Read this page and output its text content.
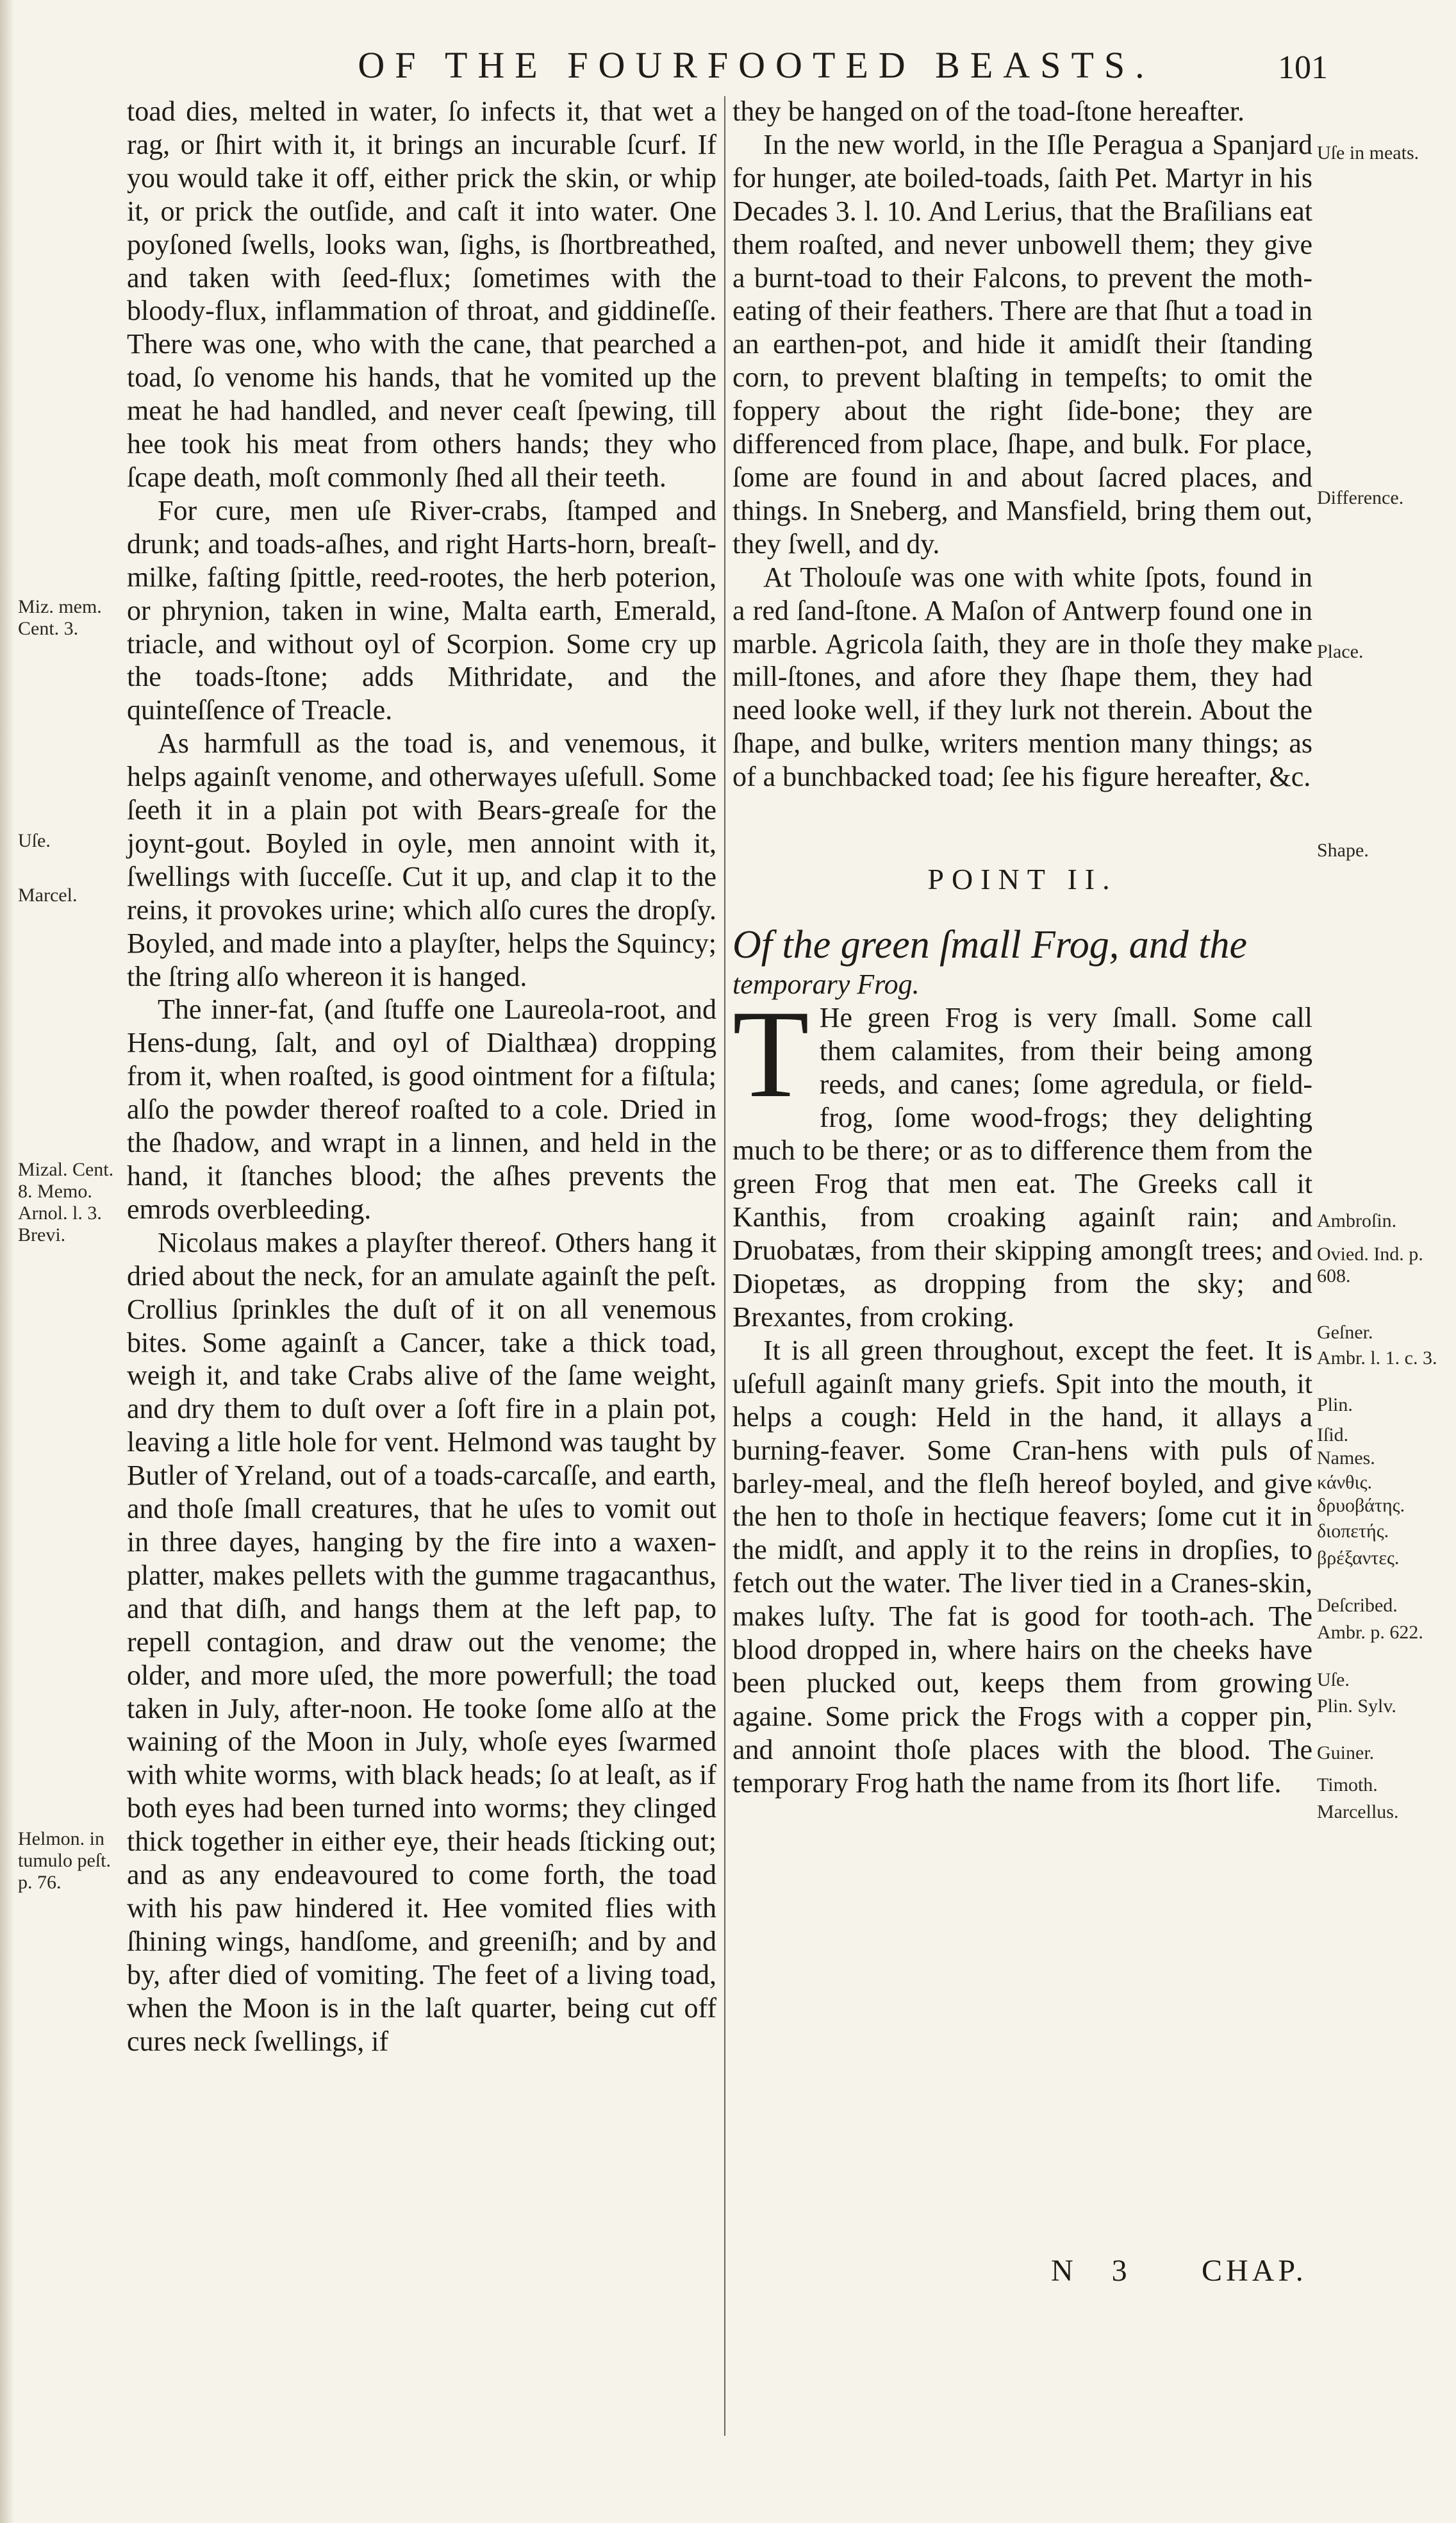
OF THE FOURFOOTED BEASTS.	101

toad dies, melted in water, ſo infects it, that wet a rag, or ſhirt with it, it brings an incurable ſcurf. If you would take it off, either prick the skin, or whip it, or prick the outſide, and caſt it into water. One poyſoned ſwells, looks wan, ſighs, is ſhortbreathed, and taken with ſeed-flux; ſometimes with the bloody-flux, inflammation of throat, and giddineſſe. There was one, who with the cane, that pearched a toad, ſo venome his hands, that he vomited up the meat he had handled, and never ceaſt ſpewing, till hee took his meat from others hands; they who ſcape death, moſt commonly ſhed all their teeth.

For cure, men uſe River-crabs, ſtamped and drunk; and toads-aſhes, and right Harts-horn, breaſt-milke, faſting ſpittle, reed-rootes, the herb poterion, or phrynion, taken in wine, Malta earth, Emerald, triacle, and without oyl of Scorpion. Some cry up the toads-ſtone; adds Mithridate, and the quinteſſence of Treacle.

As harmfull as the toad is, and venemous, it helps againſt venome, and otherwayes uſefull. Some ſeeth it in a plain pot with Bears-greaſe for the joynt-gout. Boyled in oyle, men annoint with it, ſwellings with ſucceſſe. Cut it up, and clap it to the reins, it provokes urine; which alſo cures the dropſy. Boyled, and made into a playſter, helps the Squincy; the ſtring alſo whereon it is hanged.

The inner-fat, (and ſtuffe one Laureola-root, and Hens-dung, ſalt, and oyl of Dialthæa) dropping from it, when roaſted, is good ointment for a fiſtula; alſo the powder thereof roaſted to a cole. Dried in the ſhadow, and wrapt in a linnen, and held in the hand, it ſtanches blood; the aſhes prevents the emrods overbleeding.

Nicolaus makes a playſter thereof. Others hang it dried about the neck, for an amulate againſt the peſt. Crollius ſprinkles the duſt of it on all venemous bites. Some againſt a Cancer, take a thick toad, weigh it, and take Crabs alive of the ſame weight, and dry them to duſt over a ſoft fire in a plain pot, leaving a litle hole for vent. Helmond was taught by Butler of Yreland, out of a toads-carcaſſe, and earth, and thoſe ſmall creatures, that he uſes to vomit out in three dayes, hanging by the fire into a waxen-platter, makes pellets with the gumme tragacanthus, and that diſh, and hangs them at the left pap, to repell contagion, and draw out the venome; the older, and more uſed, the more powerfull; the toad taken in July, after-noon. He tooke ſome alſo at the waining of the Moon in July, whoſe eyes ſwarmed with white worms, with black heads; ſo at leaſt, as if both eyes had been turned into worms; they clinged thick together in either eye, their heads ſticking out; and as any endeavoured to come forth, the toad with his paw hindered it. Hee vomited flies with ſhining wings, handſome, and greeniſh; and by and by, after died of vomiting. The feet of a living toad, when the Moon is in the laſt quarter, being cut off cures neck ſwellings, if

they be hanged on of the toad-ſtone hereafter.

In the new world, in the Iſle Peragua a Spanjard for hunger, ate boiled-toads, ſaith Pet. Martyr in his Decades 3. l. 10. And Lerius, that the Braſilians eat them roaſted, and never unbowell them; they give a burnt-toad to their Falcons, to prevent the moth-eating of their feathers. There are that ſhut a toad in an earthen-pot, and hide it amidſt their ſtanding corn, to prevent blaſting in tempeſts; to omit the foppery about the right ſide-bone; they are differenced from place, ſhape, and bulk. For place, ſome are found in and about ſacred places, and things. In Sneberg, and Mansfield, bring them out, they ſwell, and dy.

At Tholouſe was one with white ſpots, found in a red ſand-ſtone. A Maſon of Antwerp found one in marble. Agricola ſaith, they are in thoſe they make mill-ſtones, and afore they ſhape them, they had need looke well, if they lurk not therein. About the ſhape, and bulke, writers mention many things; as of a bunchbacked toad; ſee his figure hereafter, &c.

POINT II.

Of the green ſmall Frog, and the

temporary Frog.

T He green Frog is very ſmall. Some call them calamites, from their being among reeds, and canes; ſome agredula, or field-frog, ſome wood-frogs; they delighting much to be there; or as to difference them from the green Frog that men eat. The Greeks call it Kanthis, from croaking againſt rain; and Druobatæs, from their skipping amongſt trees; and Diopetæs, as dropping from the sky; and Brexantes, from croking.

It is all green throughout, except the feet. It is uſefull againſt many griefs. Spit into the mouth, it helps a cough: Held in the hand, it allays a burning-feaver. Some Cran-hens with puls of barley-meal, and the fleſh hereof boyled, and give the hen to thoſe in hectique feavers; ſome cut it in the midſt, and apply it to the reins in dropſies, to fetch out the water. The liver tied in a Cranes-skin, makes luſty. The fat is good for tooth-ach. The blood dropped in, where hairs on the cheeks have been plucked out, keeps them from growing againe. Some prick the Frogs with a copper pin, and annoint thoſe places with the blood. The temporary Frog hath the name from its ſhort life.

Miz. mem. Cent. 3.
Uſe.
Marcel.
Mizal. Cent. 8. Memo. Arnol. l. 3. Brevi.
Helmon. in tumulo peſt. p. 76.
Uſe in meats.
Difference.
Place.
Shape.
Ambroſin.
Ovied. Ind. p. 608.
Geſner.
Ambr. l. 1. c. 3.
Plin.
Iſid.
Names.
κάνθις.
δρυοβάτης.
διοπετής.
βρέξαντες.
Deſcribed.
Ambr. p. 622.
Uſe.
Plin. Sylv.
Guiner.
Timoth.
Marcellus.
N 3 CHAP.
